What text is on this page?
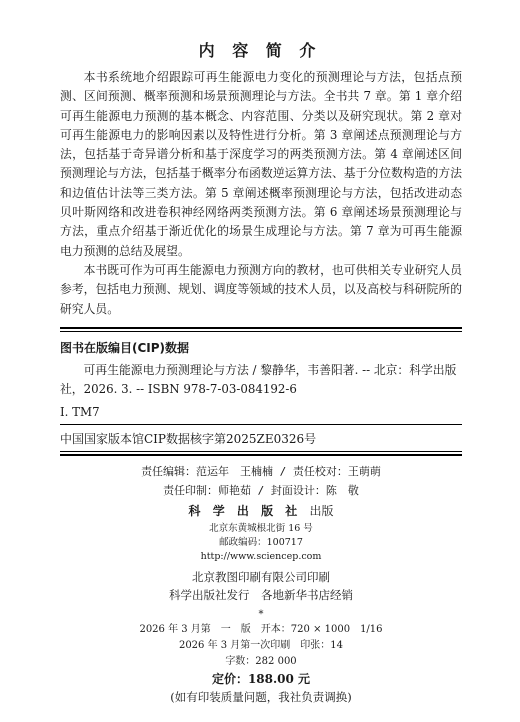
内 容 简 介

本书系统地介绍跟踪可再生能源电力变化的预测理论与方法，包括点预测、区间预测、概率预测和场景预测理论与方法。全书共 7 章。第 1 章介绍可再生能源电力预测的基本概念、内容范围、分类以及研究现状。第 2 章对可再生能源电力的影响因素以及特性进行分析。第 3 章阐述点预测理论与方法，包括基于奇异谱分析和基于深度学习的两类预测方法。第 4 章阐述区间预测理论与方法，包括基于概率分布函数逆运算方法、基于分位数构造的方法和边值估计法等三类方法。第 5 章阐述概率预测理论与方法，包括改进动态贝叶斯网络和改进卷积神经网络两类预测方法。第 6 章阐述场景预测理论与方法，重点介绍基于渐近优化的场景生成理论与方法。第 7 章为可再生能源电力预测的总结及展望。

本书既可作为可再生能源电力预测方向的教材，也可供相关专业研究人员参考，包括电力预测、规划、调度等领域的技术人员，以及高校与科研院所的研究人员。

图书在版编目(CIP)数据

可再生能源电力预测理论与方法 / 黎静华，韦善阳著. -- 北京：科学出版社，2026. 3. -- ISBN 978-7-03-084192-6

Ⅰ. TM7
中国国家版本馆CIP数据核字第2025ZE0326号
责任编辑：范运年　王楠楠 / 责任校对：王萌萌
责任印制：师艳茹 / 封面设计：陈　敬
科 学 出 版 社 出版
北京东黄城根北街 16 号
邮政编码：100717
http://www.sciencep.com
北京教图印刷有限公司印刷
科学出版社发行　各地新华书店经销
*
2026 年 3 月第　一　版　开本：720 × 1000　1/16
2026 年 3 月第一次印刷　印张：14
字数：282 000
定价：188.00 元
(如有印装质量问题，我社负责调换)
